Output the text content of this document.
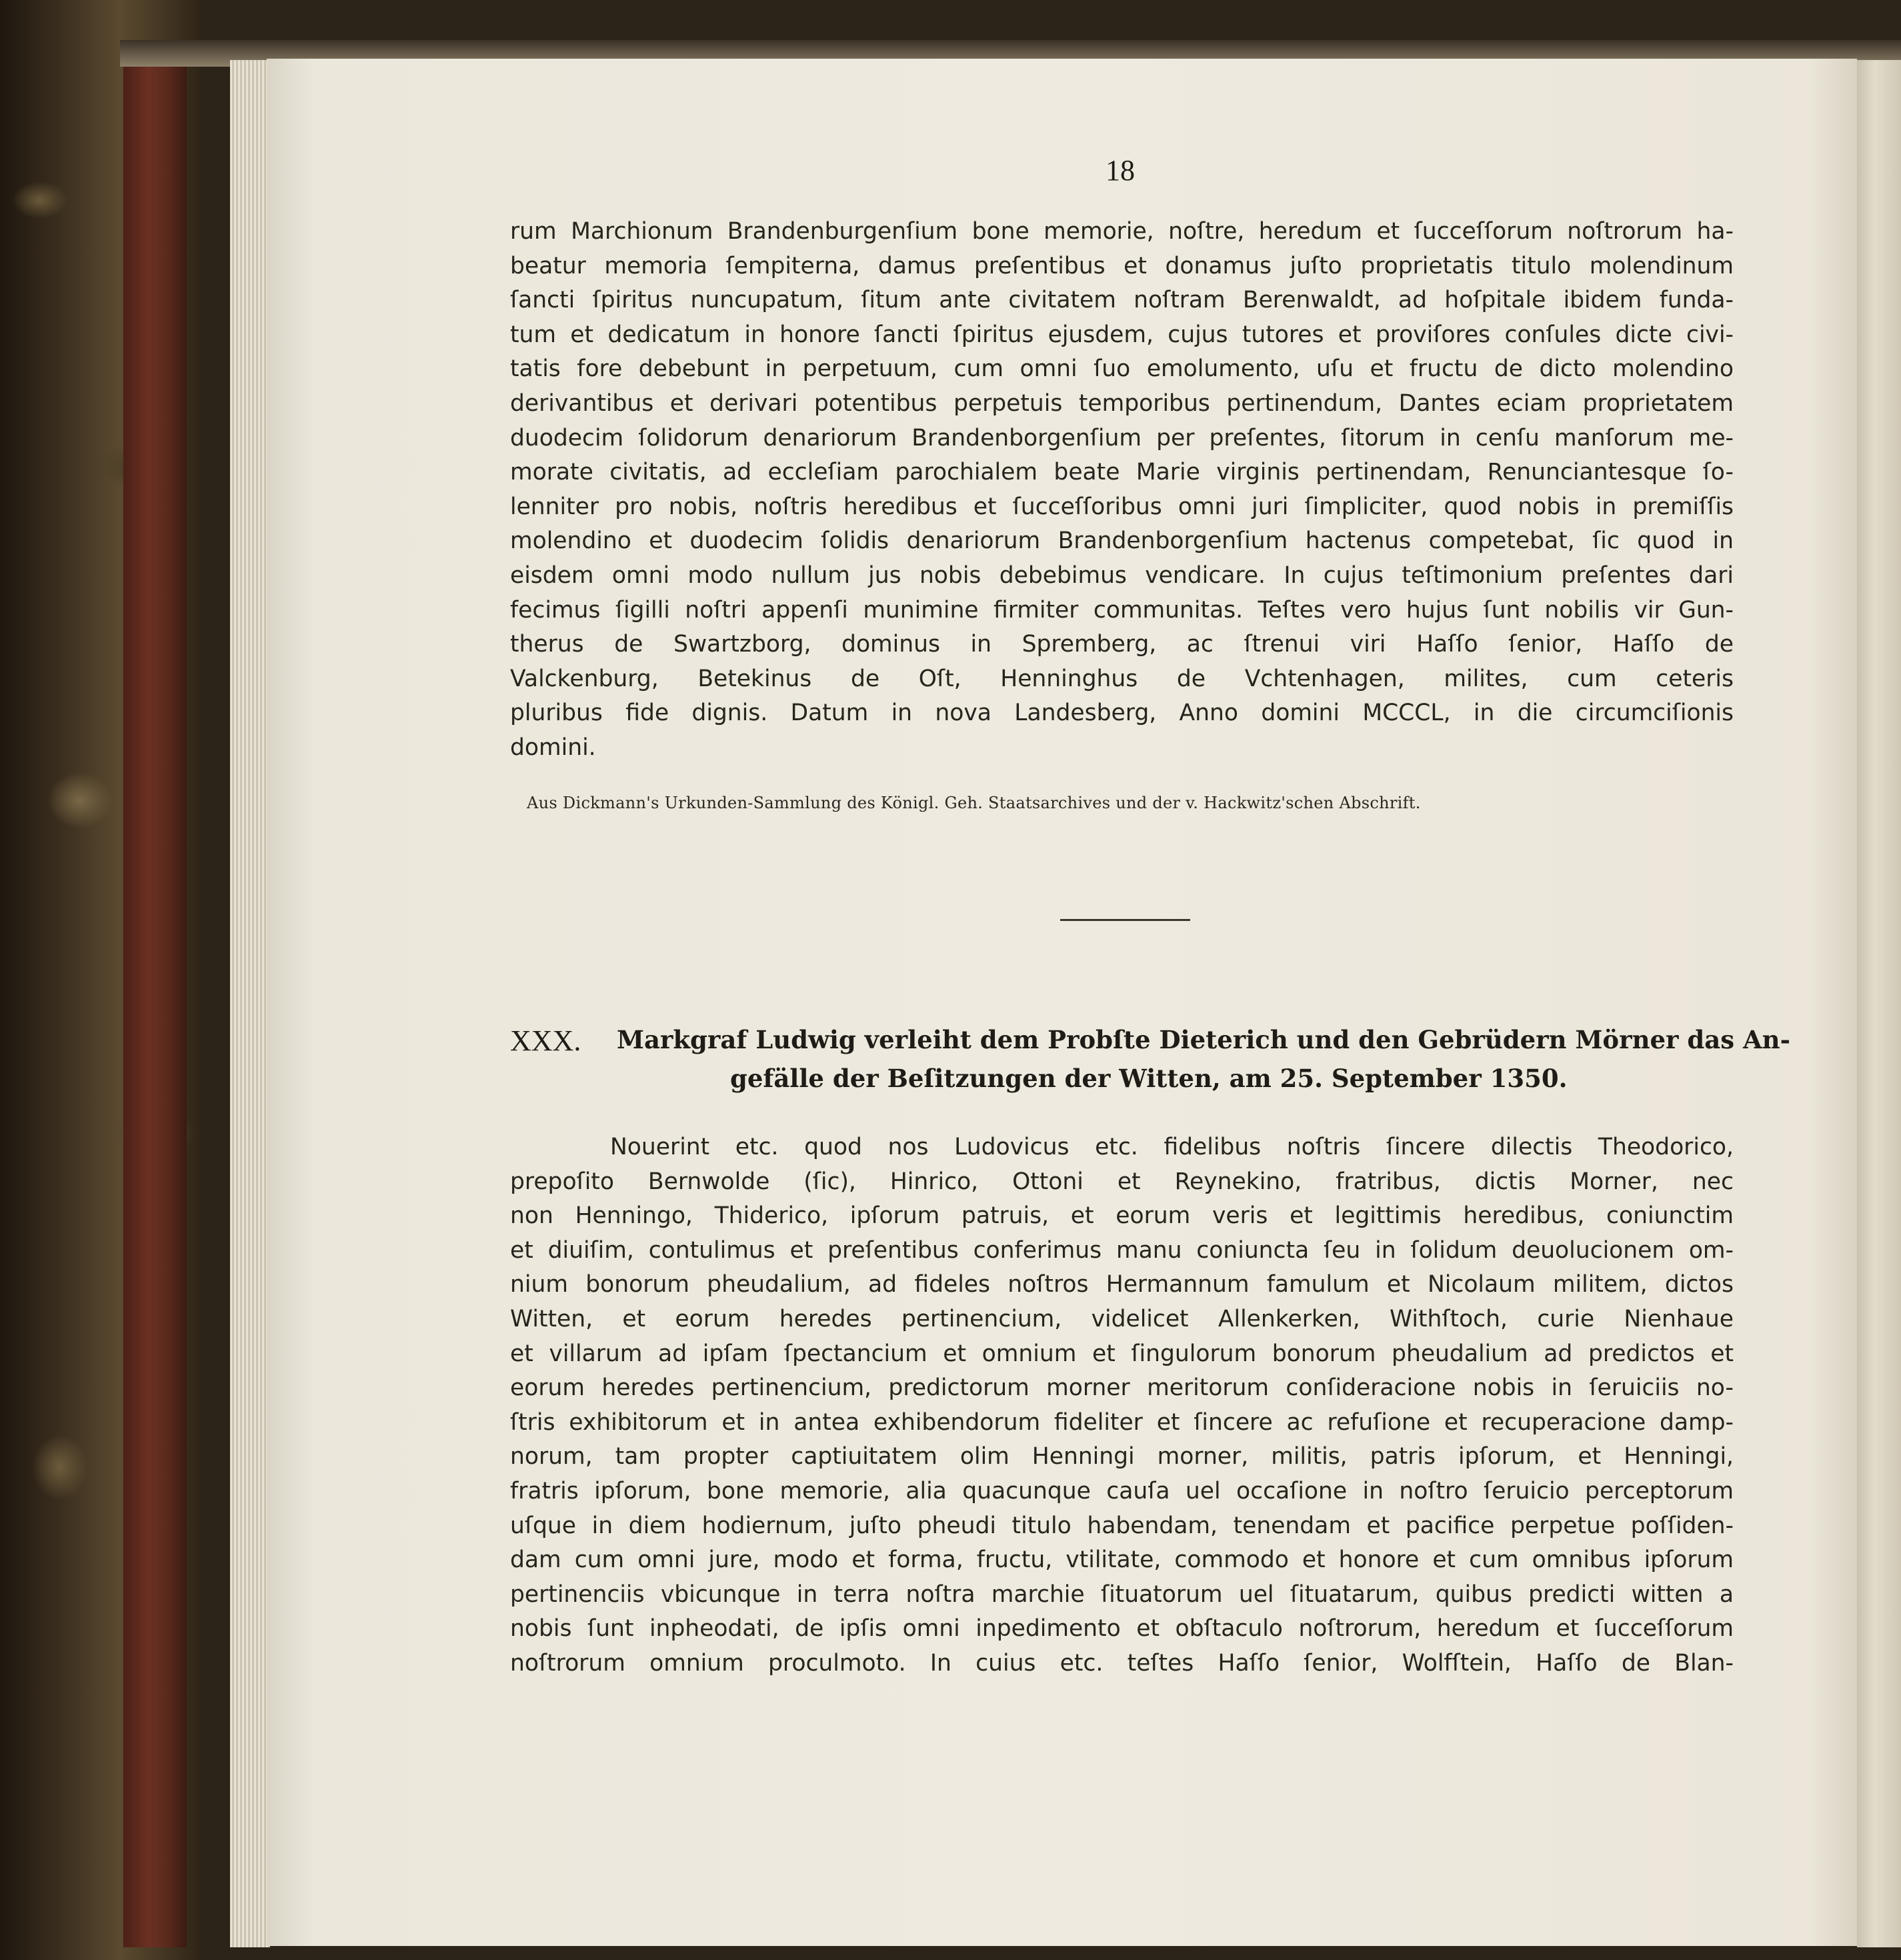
18
rum Marchionum Brandenburgenſium bone memorie, noſtre, heredum et ſucceſſorum noſtrorum ha-
beatur memoria ſempiterna, damus preſentibus et donamus juſto proprietatis titulo molendinum
ſancti ſpiritus nuncupatum, ſitum ante civitatem noſtram Berenwaldt, ad hoſpitale ibidem funda-
tum et dedicatum in honore ſancti ſpiritus ejusdem, cujus tutores et proviſores conſules dicte civi-
tatis fore debebunt in perpetuum, cum omni ſuo emolumento, uſu et fructu de dicto molendino
derivantibus et derivari potentibus perpetuis temporibus pertinendum, Dantes eciam proprietatem
duodecim ſolidorum denariorum Brandenborgenſium per preſentes, ſitorum in cenſu manſorum me-
morate civitatis, ad eccleſiam parochialem beate Marie virginis pertinendam, Renunciantesque ſo-
lenniter pro nobis, noſtris heredibus et ſucceſſoribus omni juri ſimpliciter, quod nobis in premiſſis
molendino et duodecim ſolidis denariorum Brandenborgenſium hactenus competebat, ſic quod in
eisdem omni modo nullum jus nobis debebimus vendicare. In cujus teſtimonium preſentes dari
fecimus ſigilli noſtri appenſi munimine firmiter communitas. Teſtes vero hujus ſunt nobilis vir Gun-
therus de Swartzborg, dominus in Spremberg, ac ſtrenui viri Haſſo ſenior, Haſſo de
Valckenburg, Betekinus de Oſt, Henninghus de Vchtenhagen, milites, cum ceteris
pluribus fide dignis. Datum in nova Landesberg, Anno domini MCCCL, in die circumciſionis
domini.
Aus Dickmann's Urkunden-Sammlung des Königl. Geh. Staatsarchives und der v. Hackwitz'schen Abschrift.
XXX. Markgraf Ludwig verleiht dem Probſte Dieterich und den Gebrüdern Mörner das An-
gefälle der Beſitzungen der Witten, am 25. September 1350.
Nouerint etc. quod nos Ludovicus etc. fidelibus noſtris ſincere dilectis Theodorico,
prepoſito Bernwolde (ſic), Hinrico, Ottoni et Reynekino, fratribus, dictis Morner, nec
non Henningo, Thiderico, ipſorum patruis, et eorum veris et legittimis heredibus, coniunctim
et diuiſim, contulimus et preſentibus conferimus manu coniuncta ſeu in ſolidum deuolucionem om-
nium bonorum pheudalium, ad fideles noſtros Hermannum famulum et Nicolaum militem, dictos
Witten, et eorum heredes pertinencium, videlicet Allenkerken, Withſtoch, curie Nienhaue
et villarum ad ipſam ſpectancium et omnium et ſingulorum bonorum pheudalium ad predictos et
eorum heredes pertinencium, predictorum morner meritorum conſideracione nobis in ſeruiciis no-
ſtris exhibitorum et in antea exhibendorum fideliter et ſincere ac refuſione et recuperacione damp-
norum, tam propter captiuitatem olim Henningi morner, militis, patris ipſorum, et Henningi,
fratris ipſorum, bone memorie, alia quacunque cauſa uel occaſione in noſtro ſeruicio perceptorum
uſque in diem hodiernum, juſto pheudi titulo habendam, tenendam et pacifice perpetue poſſiden-
dam cum omni jure, modo et forma, fructu, vtilitate, commodo et honore et cum omnibus ipſorum
pertinenciis vbicunque in terra noſtra marchie ſituatorum uel ſituatarum, quibus predicti witten a
nobis ſunt inpheodati, de ipſis omni inpedimento et obſtaculo noſtrorum, heredum et ſucceſſorum
noſtrorum omnium proculmoto. In cuius etc. teſtes Haſſo ſenior, Wolfſtein, Haſſo de Blan-
